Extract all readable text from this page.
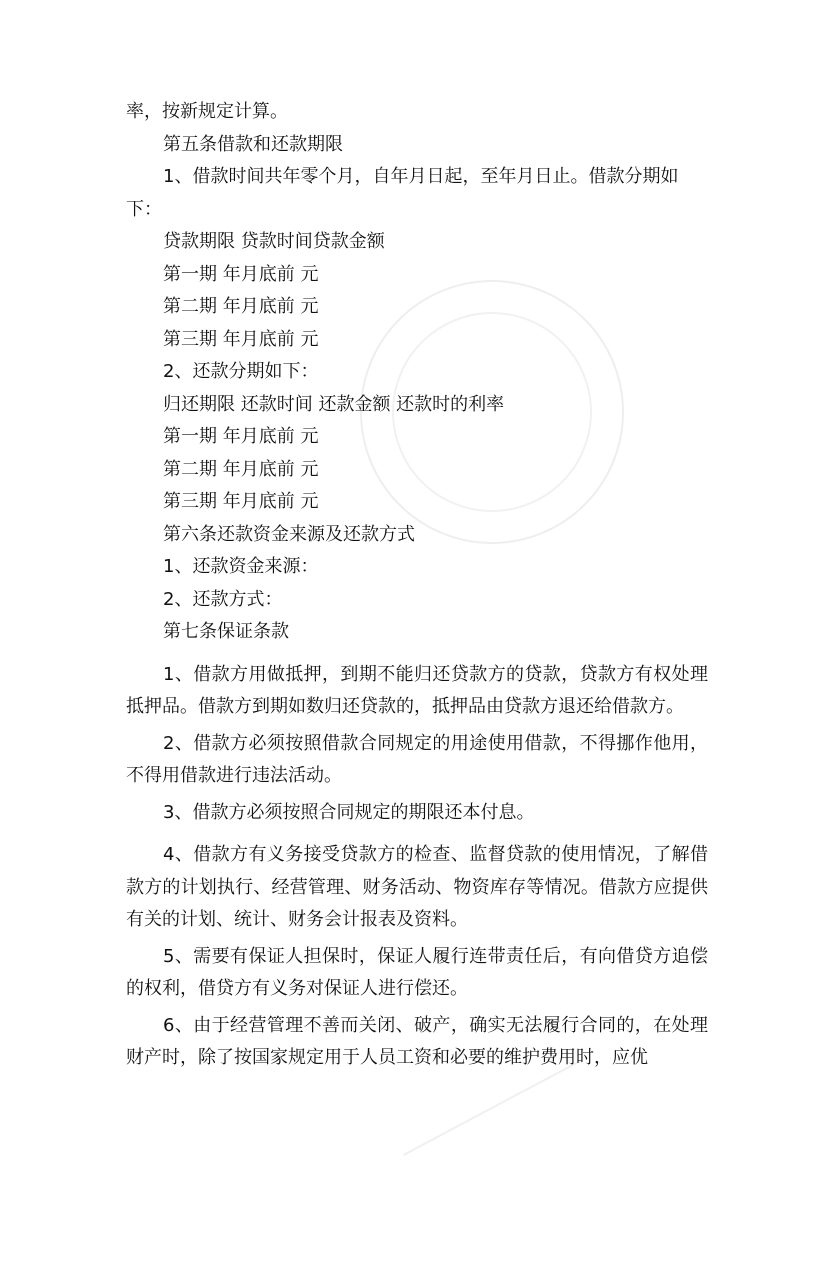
率，按新规定计算。

第五条借款和还款期限

1、借款时间共年零个月，自年月日起，至年月日止。借款分期如

下：

贷款期限 贷款时间贷款金额

第一期 年月底前 元

第二期 年月底前 元

第三期 年月底前 元

2、还款分期如下：

归还期限 还款时间 还款金额 还款时的利率

第一期 年月底前 元

第二期 年月底前 元

第三期 年月底前 元

第六条还款资金来源及还款方式

1、还款资金来源：

2、还款方式：

第七条保证条款

1、借款方用做抵押，到期不能归还贷款方的贷款，贷款方有权处理抵押品。借款方到期如数归还贷款的，抵押品由贷款方退还给借款方。

2、借款方必须按照借款合同规定的用途使用借款，不得挪作他用，不得用借款进行违法活动。

3、借款方必须按照合同规定的期限还本付息。

4、借款方有义务接受贷款方的检查、监督贷款的使用情况，了解借款方的计划执行、经营管理、财务活动、物资库存等情况。借款方应提供有关的计划、统计、财务会计报表及资料。

5、需要有保证人担保时，保证人履行连带责任后，有向借贷方追偿的权利，借贷方有义务对保证人进行偿还。

6、由于经营管理不善而关闭、破产，确实无法履行合同的，在处理财产时，除了按国家规定用于人员工资和必要的维护费用时，应优
